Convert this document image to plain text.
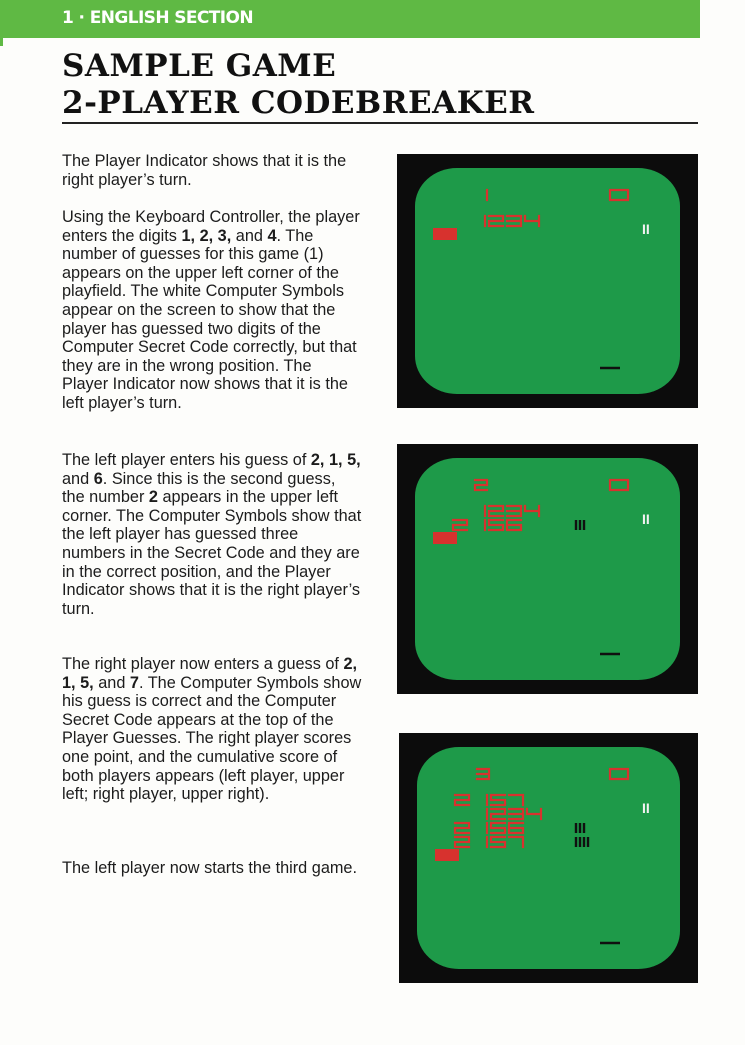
1 · ENGLISH SECTION
SAMPLE GAME
2-PLAYER CODEBREAKER

The Player Indicator shows that it is the right player’s turn.

Using the Keyboard Controller, the player enters the digits 1, 2, 3, and 4. The number of guesses for this game (1) appears on the upper left corner of the playfield. The white Computer Symbols appear on the screen to show that the player has guessed two digits of the Computer Secret Code correctly, but that they are in the wrong position. The Player Indicator now shows that it is the left player’s turn.

The left player enters his guess of 2, 1, 5, and 6. Since this is the second guess, the number 2 appears in the upper left corner. The Computer Symbols show that the left player has guessed three numbers in the Secret Code and they are in the correct position, and the Player Indicator shows that it is the right player’s turn.

The right player now enters a guess of 2, 1, 5, and 7. The Computer Symbols show his guess is correct and the Computer Secret Code appears at the top of the Player Guesses. The right player scores one point, and the cumulative score of both players appears (left player, upper left; right player, upper right).

The left player now starts the third game.

II
II
II
